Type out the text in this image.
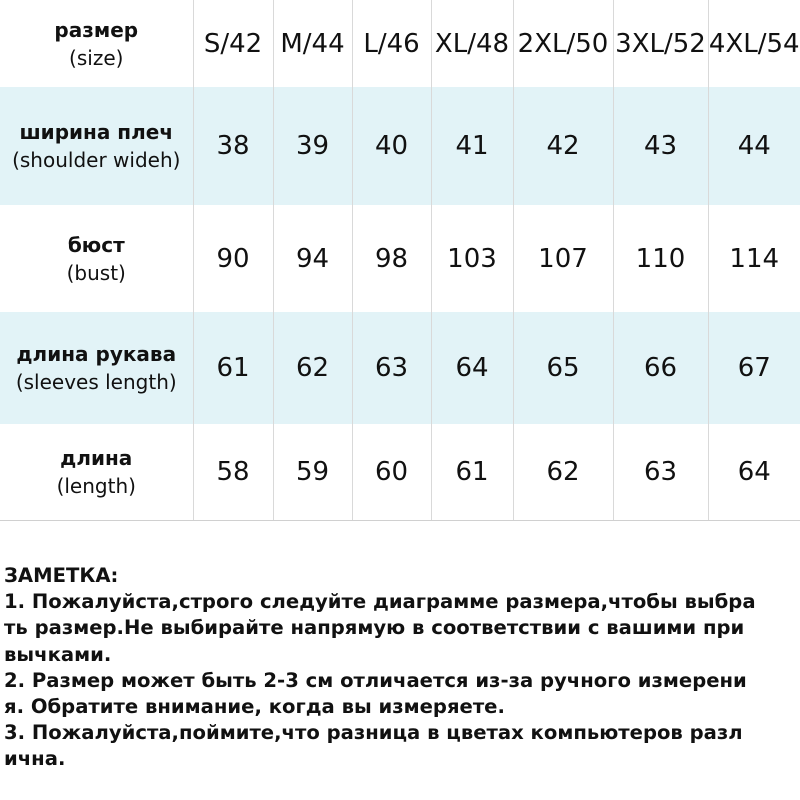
размер
(size)	S/42	M/44	L/46	XL/48	2XL/50	3XL/52	4XL/54

ширина плеч
(shoulder wideh)	38	39	40	41	42	43	44

бюст
(bust)	90	94	98	103	107	110	114

длина рукава
(sleeves length)	61	62	63	64	65	66	67

длина
(length)	58	59	60	61	62	63	64
ЗАМЕТКА:
1. Пожалуйста,строго следуйте диаграмме размера,чтобы выбра
ть размер.Не выбирайте напрямую в соответствии с вашими при
вычками.
2. Размер может быть 2-3 см отличается из-за ручного измерени
я. Обратите внимание, когда вы измеряете.
3. Пожалуйста,поймите,что разница в цветах компьютеров разл
ична.
